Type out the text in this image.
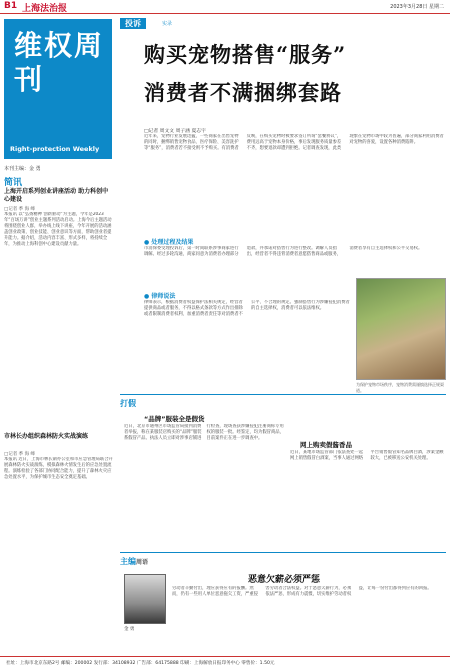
B1 上海法治报	2023年3月28日 星期二
维权周刊
Right-protection Weekly
本刊主编：金 勇
简讯
上海开启系列创业讲座活动 助力科创中心建设
□记者 季 海 峰
本报讯 以“弘扬精神 创新驱动”为主题，今年是2023年“百场万讲”创业主题系列活动启动。上海今后主题活动将围绕创业人群，举办线上线下讲座，今年开展的活动涵盖创业政策、创业技能、创业意识等方面，帮助创业者提升能力。据介绍，活动内容丰富、形式多样，将持续全年，为推动上海科创中心建设贡献力量。
市林长办组织森林防火实战演练
□记者 季 海 峰
本报讯 近日，上海市林长制办公室和市应急管理局联合开展森林防火实战演练，模拟森林火情发生后的应急处置流程。演练检验了各部门协同配合能力，提升了森林火灾应急处置水平，为保护城市生态安全奠定基础。
投诉	实录
购买宠物搭售“服务”
消费者不满捆绑套路
□记者 周文文 周子涵 夏志宇
近年来，宠物行业发展迅猛，一些商家在出售宠物的同时，捆绑销售宠物食品、医疗保险、美容洗护等“服务”，消费者若不接受则不予购买。有消费者反映，在购买宠物时被要求签订所谓“套餐协议”，费用远高于宠物本身价格，事后发现服务质量参差不齐，想要退款却遭到拒绝。记者调查发现，此类现象在宠物市场中较为普遍，部分商家利用消费者对宠物的喜爱，设置各种消费陷阱。
● 处理过程及结果
市消保委受理投诉后，第一时间联系涉事商家进行调解。经过多轮沟通，商家同意为消费者办理部分退款，并承诺对搭售行为进行整改。调解人员指出，经营者不得违背消费者意愿搭售商品或服务，消费者享有自主选择权和公平交易权。
● 律师说法
律师表示，根据消费者权益保护法相关规定，经营者提供商品或者服务，不得以格式条款等方式作出排除或者限制消费者权利、加重消费者责任等对消费者不公平、不合理的规定。强制搭售行为涉嫌侵犯消费者的自主选择权，消费者可以依法维权。
为保护宠物市场秩序，宠物消费需谨慎选择正规渠道。
打假
“品牌”服装全是假货
近日，北京市通州区市场监管局接到消费者举报，称在某服装店购买的“品牌”服装系假冒产品。执法人员立即对涉事店铺进行检查，现场查获涉嫌侵犯注册商标专用权的服装一批。经鉴定，均为假冒商品，目前案件正在进一步调查中。
网上购卖假酱香品
近日，某地市场监管部门依法查处一起网上销售假冒白酒案，当事人通过网络平台销售假冒知名品牌白酒，涉案金额较大，已被移送公安机关处理。
主编周语
金 勇
恶意欠薪必须严惩
劳动者辛勤付出，理应获得应有的报酬。然而，仍有一些用人单位恶意拖欠工资，严重侵害劳动者合法权益。对于恶意欠薪行为，必须依法严惩，形成有力震慑，切实维护劳动者权益，让每一份付出都得到应有的回报。
社址：上海市北京东路2号 邮编：200002 发行部：34108932 广告部：64175888 印刷：上海解放日报印务中心 零售价：1.50元
